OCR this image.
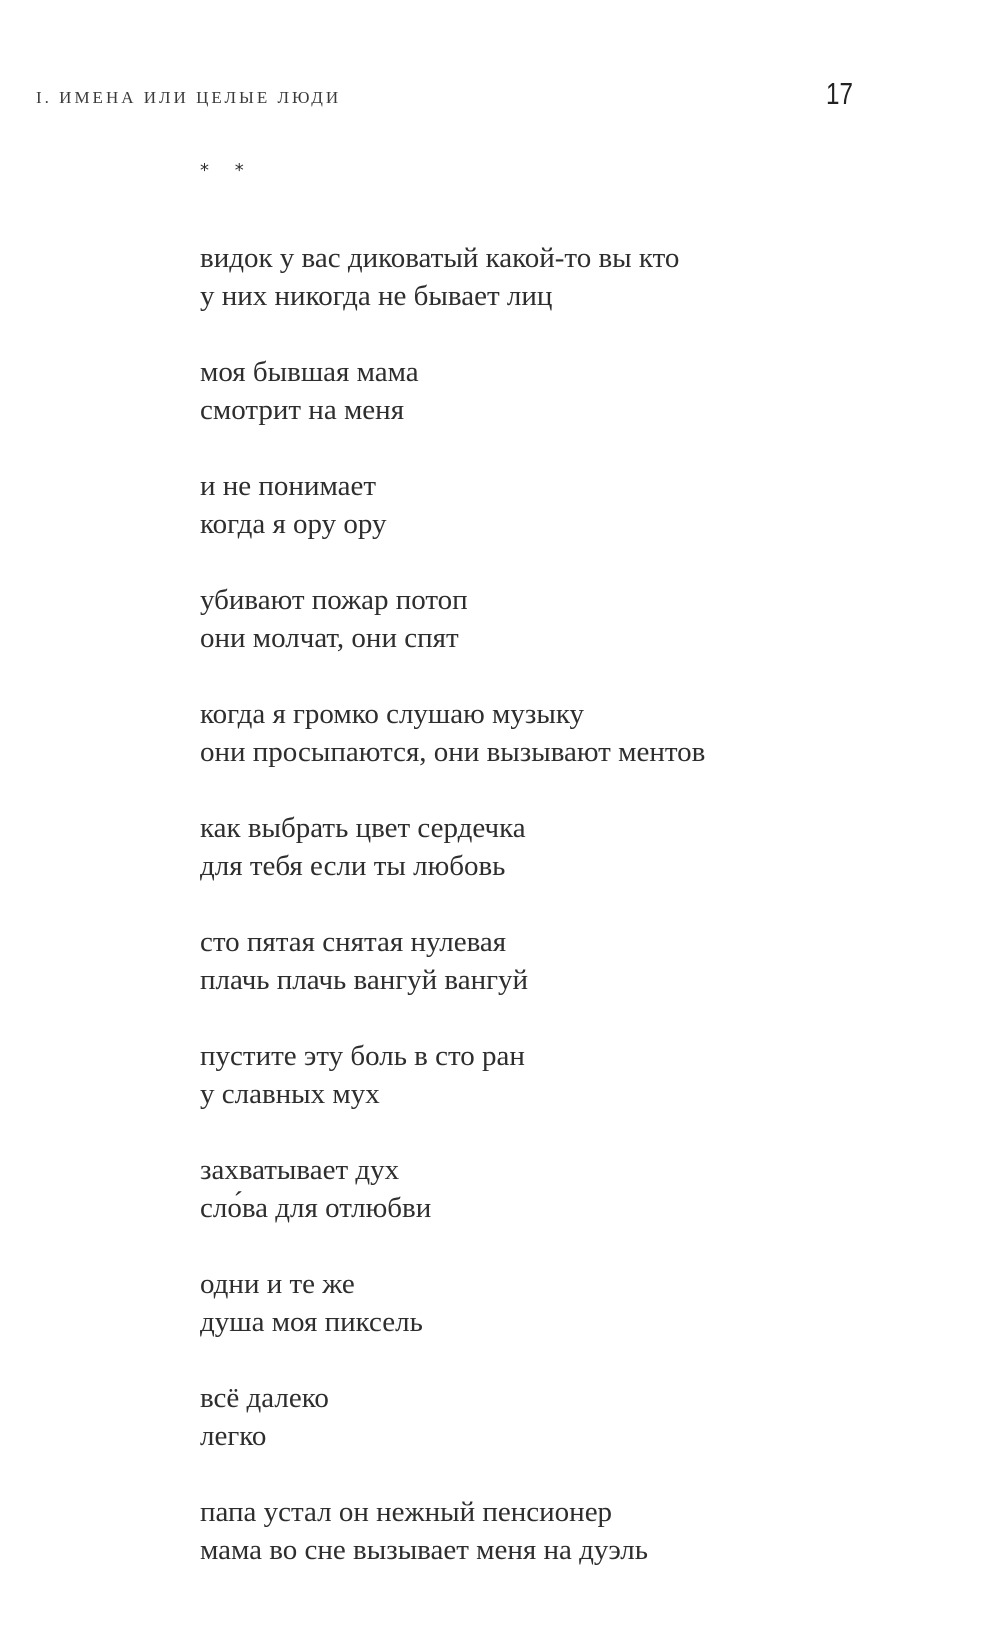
I. ИМЕНА ИЛИ ЦЕЛЫЕ ЛЮДИ	17
* *
видок у вас диковатый какой-то вы кто
у них никогда не бывает лиц
моя бывшая мама
смотрит на меня
и не понимает
когда я ору ору
убивают пожар потоп
они молчат, они спят
когда я громко слушаю музыку
они просыпаются, они вызывают ментов
как выбрать цвет сердечка
для тебя если ты любовь
сто пятая снятая нулевая
плачь плачь вангуй вангуй
пустите эту боль в сто ран
у славных мух
захватывает дух
сло́ва для отлюбви
одни и те же
душа моя пиксель
всё далеко
легко
папа устал он нежный пенсионер
мама во сне вызывает меня на дуэль
